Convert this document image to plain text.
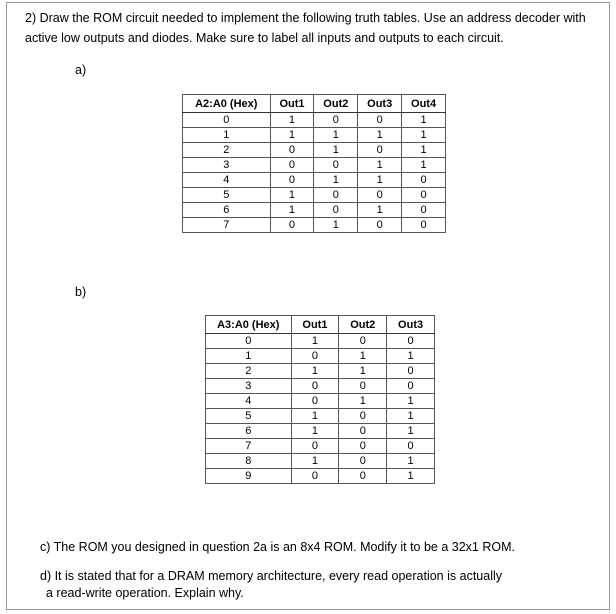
2) Draw the ROM circuit needed to implement the following truth tables. Use an address decoder with
active low outputs and diodes. Make sure to label all inputs and outputs to each circuit.
a)
A2:A0 (Hex)	Out1	Out2	Out3	Out4
0	1	0	0	1
1	1	1	1	1
2	0	1	0	1
3	0	0	1	1
4	0	1	1	0
5	1	0	0	0
6	1	0	1	0
7	0	1	0	0
b)
A3:A0 (Hex)	Out1	Out2	Out3
0	1	0	0
1	0	1	1
2	1	1	0
3	0	0	0
4	0	1	1
5	1	0	1
6	1	0	1
7	0	0	0
8	1	0	1
9	0	0	1
c) The ROM you designed in question 2a is an 8x4 ROM. Modify it to be a 32x1 ROM.
d) It is stated that for a DRAM memory architecture, every read operation is actually
a read-write operation. Explain why.
